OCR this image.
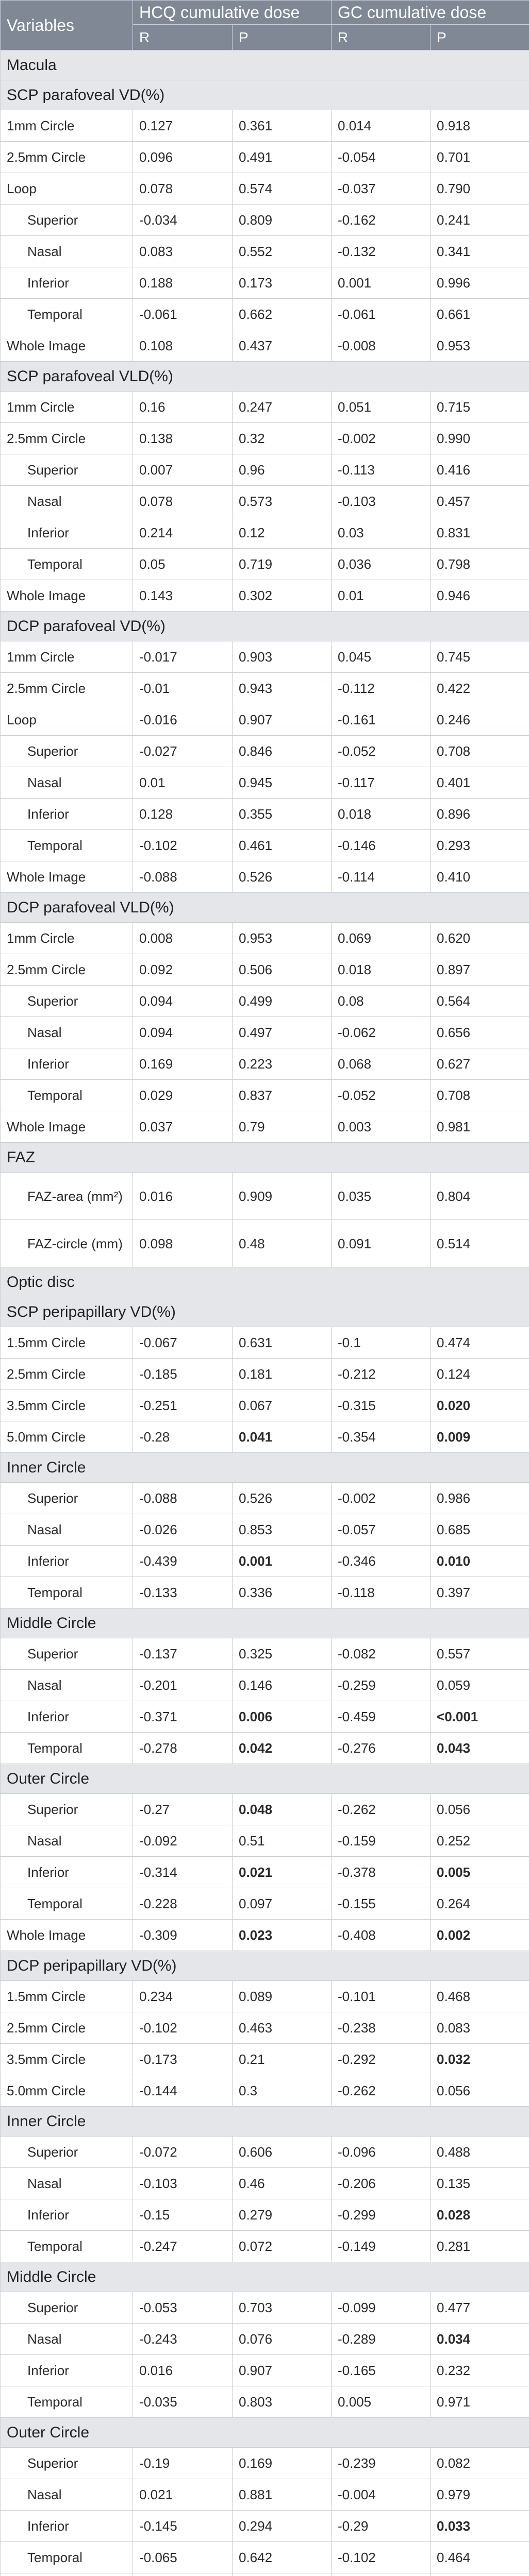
Variables	HCQ cumulative dose		GC cumulative dose	
	R	P	R	P
Macula				
SCP parafoveal VD(%)				
1mm Circle	0.127	0.361	0.014	0.918
2.5mm Circle	0.096	0.491	-0.054	0.701
Loop	0.078	0.574	-0.037	0.790
Superior	-0.034	0.809	-0.162	0.241
Nasal	0.083	0.552	-0.132	0.341
Inferior	0.188	0.173	0.001	0.996
Temporal	-0.061	0.662	-0.061	0.661
Whole Image	0.108	0.437	-0.008	0.953
SCP parafoveal VLD(%)				
1mm Circle	0.16	0.247	0.051	0.715
2.5mm Circle	0.138	0.32	-0.002	0.990
Superior	0.007	0.96	-0.113	0.416
Nasal	0.078	0.573	-0.103	0.457
Inferior	0.214	0.12	0.03	0.831
Temporal	0.05	0.719	0.036	0.798
Whole Image	0.143	0.302	0.01	0.946
DCP parafoveal VD(%)				
1mm Circle	-0.017	0.903	0.045	0.745
2.5mm Circle	-0.01	0.943	-0.112	0.422
Loop	-0.016	0.907	-0.161	0.246
Superior	-0.027	0.846	-0.052	0.708
Nasal	0.01	0.945	-0.117	0.401
Inferior	0.128	0.355	0.018	0.896
Temporal	-0.102	0.461	-0.146	0.293
Whole Image	-0.088	0.526	-0.114	0.410
DCP parafoveal VLD(%)				
1mm Circle	0.008	0.953	0.069	0.620
2.5mm Circle	0.092	0.506	0.018	0.897
Superior	0.094	0.499	0.08	0.564
Nasal	0.094	0.497	-0.062	0.656
Inferior	0.169	0.223	0.068	0.627
Temporal	0.029	0.837	-0.052	0.708
Whole Image	0.037	0.79	0.003	0.981
FAZ				
FAZ-area (mm²)	0.016	0.909	0.035	0.804
FAZ-circle (mm)	0.098	0.48	0.091	0.514
Optic disc				
SCP peripapillary VD(%)				
1.5mm Circle	-0.067	0.631	-0.1	0.474
2.5mm Circle	-0.185	0.181	-0.212	0.124
3.5mm Circle	-0.251	0.067	-0.315	0.020
5.0mm Circle	-0.28	0.041	-0.354	0.009
Inner Circle				
Superior	-0.088	0.526	-0.002	0.986
Nasal	-0.026	0.853	-0.057	0.685
Inferior	-0.439	0.001	-0.346	0.010
Temporal	-0.133	0.336	-0.118	0.397
Middle Circle				
Superior	-0.137	0.325	-0.082	0.557
Nasal	-0.201	0.146	-0.259	0.059
Inferior	-0.371	0.006	-0.459	<0.001
Temporal	-0.278	0.042	-0.276	0.043
Outer Circle				
Superior	-0.27	0.048	-0.262	0.056
Nasal	-0.092	0.51	-0.159	0.252
Inferior	-0.314	0.021	-0.378	0.005
Temporal	-0.228	0.097	-0.155	0.264
Whole Image	-0.309	0.023	-0.408	0.002
DCP peripapillary VD(%)				
1.5mm Circle	0.234	0.089	-0.101	0.468
2.5mm Circle	-0.102	0.463	-0.238	0.083
3.5mm Circle	-0.173	0.21	-0.292	0.032
5.0mm Circle	-0.144	0.3	-0.262	0.056
Inner Circle				
Superior	-0.072	0.606	-0.096	0.488
Nasal	-0.103	0.46	-0.206	0.135
Inferior	-0.15	0.279	-0.299	0.028
Temporal	-0.247	0.072	-0.149	0.281
Middle Circle				
Superior	-0.053	0.703	-0.099	0.477
Nasal	-0.243	0.076	-0.289	0.034
Inferior	0.016	0.907	-0.165	0.232
Temporal	-0.035	0.803	0.005	0.971
Outer Circle				
Superior	-0.19	0.169	-0.239	0.082
Nasal	0.021	0.881	-0.004	0.979
Inferior	-0.145	0.294	-0.29	0.033
Temporal	-0.065	0.642	-0.102	0.464
